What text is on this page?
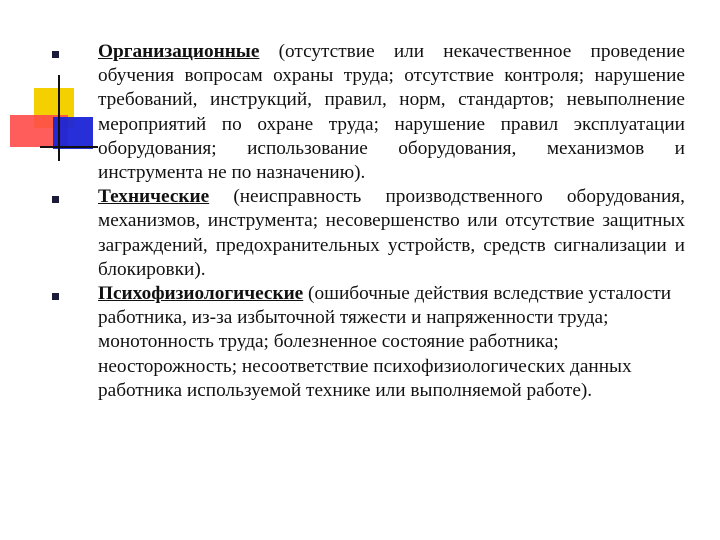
Организационные (отсутствие или некачественное проведение обучения вопросам охраны труда; отсутствие контроля; нарушение требований, инструкций, правил, норм, стандартов; невыполнение мероприятий по охране труда; нарушение правил эксплуатации оборудования; использование оборудования, механизмов и инструмента не по назначению).
Технические (неисправность производственного оборудования, механизмов, инструмента; несовершенство или отсутствие защитных заграждений, предохранительных устройств, средств сигнализации и блокировки).
Психофизиологические (ошибочные действия вследствие усталости работника, из-за избыточной тяжести и напряженности труда; монотонность труда; болезненное состояние работника; неосторожность; несоответствие психофизиологических данных работника используемой технике или выполняемой работе).
